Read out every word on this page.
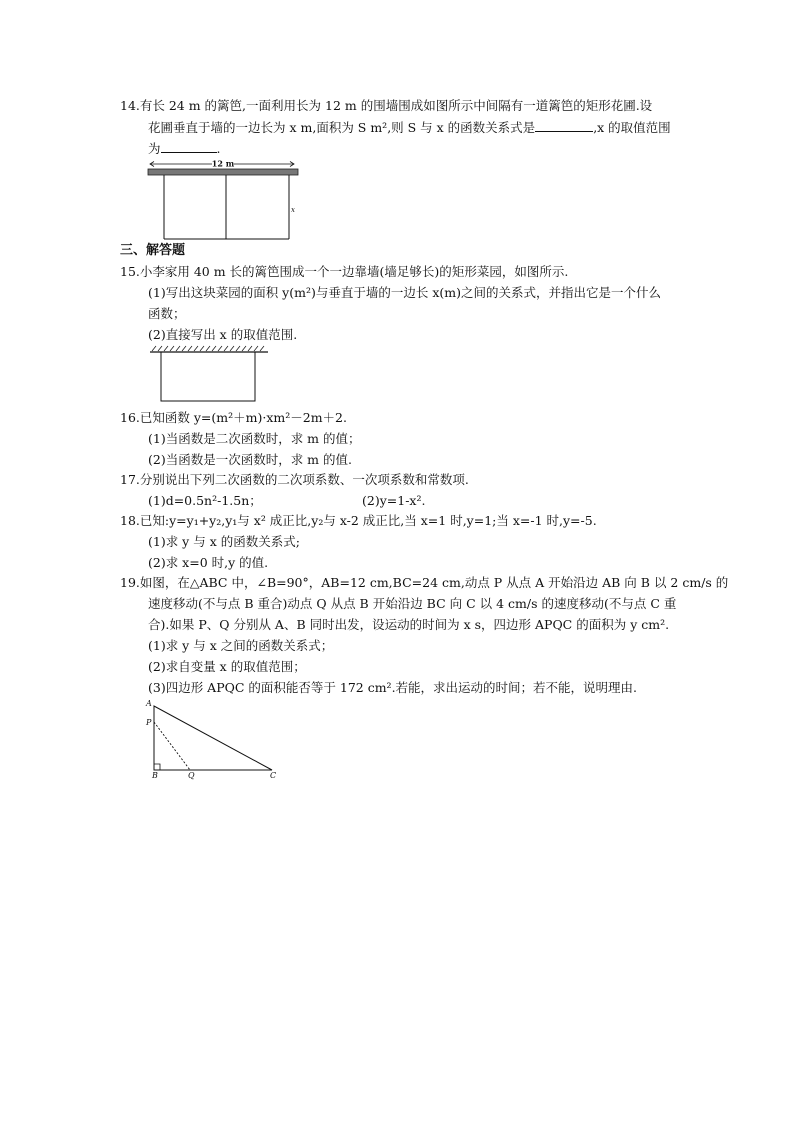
14.有长 24 m 的篱笆,一面利用长为 12 m 的围墙围成如图所示中间隔有一道篱笆的矩形花圃.设
花圃垂直于墙的一边长为 x m,面积为 S m²,则 S 与 x 的函数关系式是	,x 的取值范围
为	.
12 m
x
三、解答题
15.小李家用 40 m 长的篱笆围成一个一边靠墙(墙足够长)的矩形菜园，如图所示.
(1)写出这块菜园的面积 y(m²)与垂直于墙的一边长 x(m)之间的关系式，并指出它是一个什么
函数；
(2)直接写出 x 的取值范围.
16.已知函数 y=(m²＋m)·xm²－2m＋2.
(1)当函数是二次函数时，求 m 的值；
(2)当函数是一次函数时，求 m 的值.
17.分别说出下列二次函数的二次项系数、一次项系数和常数项.
(1)d=0.5n²-1.5n；	(2)y=1-x².
18.已知:y=y₁+y₂,y₁与 x² 成正比,y₂与 x-2 成正比,当 x=1 时,y=1;当 x=-1 时,y=-5.
(1)求 y 与 x 的函数关系式;
(2)求 x=0 时,y 的值.
19.如图，在△ABC 中，∠B=90°，AB=12 cm,BC=24 cm,动点 P 从点 A 开始沿边 AB 向 B 以 2 cm/s 的
速度移动(不与点 B 重合)动点 Q 从点 B 开始沿边 BC 向 C 以 4 cm/s 的速度移动(不与点 C 重
合).如果 P、Q 分别从 A、B 同时出发，设运动的时间为 x s，四边形 APQC 的面积为 y cm².
(1)求 y 与 x 之间的函数关系式；
(2)求自变量 x 的取值范围；
(3)四边形 APQC 的面积能否等于 172 cm².若能，求出运动的时间；若不能，说明理由.
A
P
B	Q	C
